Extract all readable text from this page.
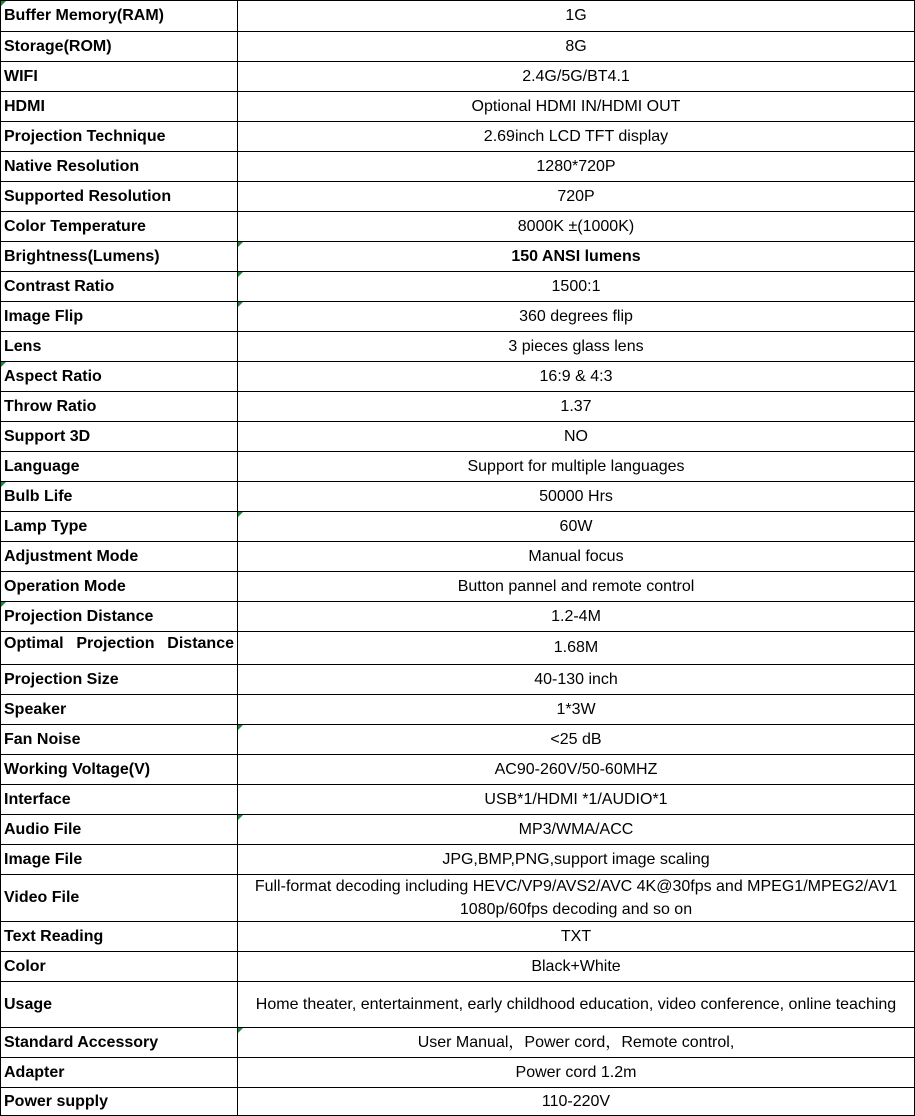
Buffer Memory(RAM)	1G
Storage(ROM)	8G
WIFI	2.4G/5G/BT4.1
HDMI	Optional HDMI IN/HDMI OUT
Projection Technique	2.69inch LCD TFT display
Native Resolution	1280*720P
Supported Resolution	720P
Color Temperature	8000K ±(1000K)
Brightness(Lumens)	150 ANSI lumens

Contrast Ratio	1500:1

Image Flip	360 degrees flip

Lens	3 pieces glass lens
Aspect Ratio	16:9 & 4:3
Throw Ratio	1.37
Support 3D	NO
Language	Support for multiple languages
Bulb Life	50000 Hrs
Lamp Type	60W

Adjustment Mode	Manual focus
Operation Mode	Button pannel and remote control
Projection Distance	1.2-4M
Optimal Projection Distance	1.68M
Projection Size	40-130 inch
Speaker	1*3W
Fan Noise	<25 dB

Working Voltage(V)	AC90-260V/50-60MHZ
Interface	USB*1/HDMI *1/AUDIO*1
Audio File	MP3/WMA/ACC

Image File	JPG,BMP,PNG,support image scaling
Video File	Full-format decoding including HEVC/VP9/AVS2/AVC 4K@30fps and MPEG1/MPEG2/AV1 1080p/60fps decoding and so on
Text Reading	TXT
Color	Black+White
Usage	Home theater, entertainment, early childhood education, video conference, online teaching
Standard Accessory	User Manual，Power cord，Remote control,

Adapter	Power cord 1.2m
Power supply	110-220V
